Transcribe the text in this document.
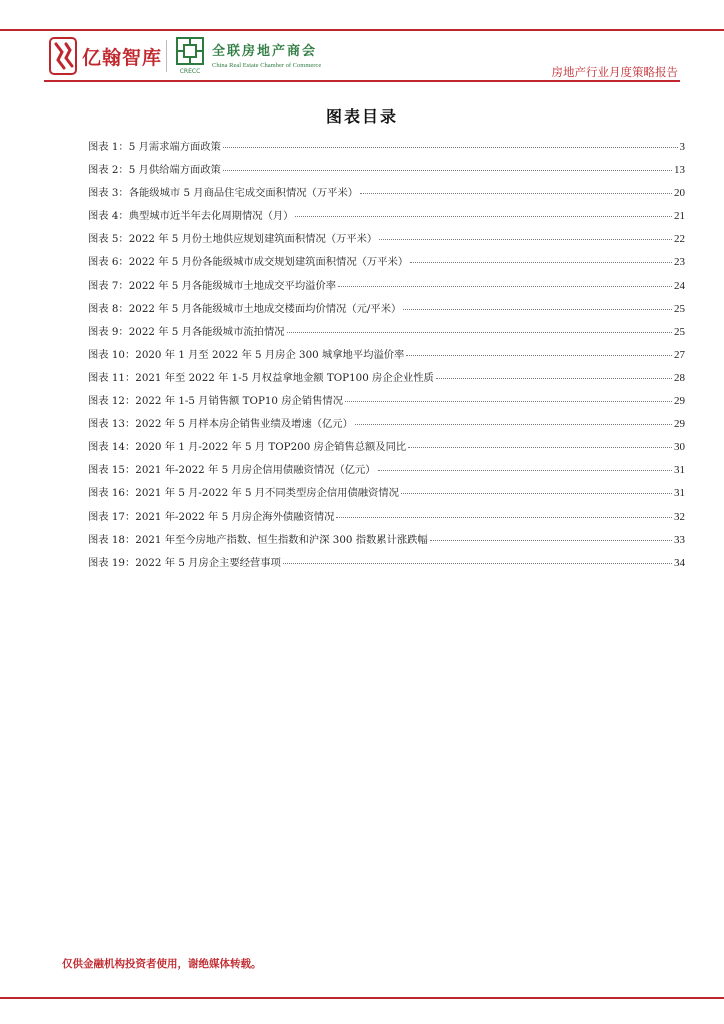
亿翰智库
CRECC
全联房地产商会
China Real Estate Chamber of Commerce	房地产行业月度策略报告
图表目录
图表 1：5 月需求端方面政策	3
图表 2：5 月供给端方面政策	13
图表 3：各能级城市 5 月商品住宅成交面积情况（万平米）	20
图表 4：典型城市近半年去化周期情况（月）	21
图表 5：2022 年 5 月份土地供应规划建筑面积情况（万平米）	22
图表 6：2022 年 5 月份各能级城市成交规划建筑面积情况（万平米）	23
图表 7：2022 年 5 月各能级城市土地成交平均溢价率	24
图表 8：2022 年 5 月各能级城市土地成交楼面均价情况（元/平米）	25
图表 9：2022 年 5 月各能级城市流拍情况	25
图表 10：2020 年 1 月至 2022 年 5 月房企 300 城拿地平均溢价率	27
图表 11：2021 年至 2022 年 1-5 月权益拿地金额 TOP100 房企企业性质	28
图表 12：2022 年 1-5 月销售额 TOP10 房企销售情况	29
图表 13：2022 年 5 月样本房企销售业绩及增速（亿元）	29
图表 14：2020 年 1 月-2022 年 5 月 TOP200 房企销售总额及同比	30
图表 15：2021 年-2022 年 5 月房企信用债融资情况（亿元）	31
图表 16：2021 年 5 月-2022 年 5 月不同类型房企信用债融资情况	31
图表 17：2021 年-2022 年 5 月房企海外债融资情况	32
图表 18：2021 年至今房地产指数、恒生指数和沪深 300 指数累计涨跌幅	33
图表 19：2022 年 5 月房企主要经营事项	34
仅供金融机构投资者使用，谢绝媒体转载。
